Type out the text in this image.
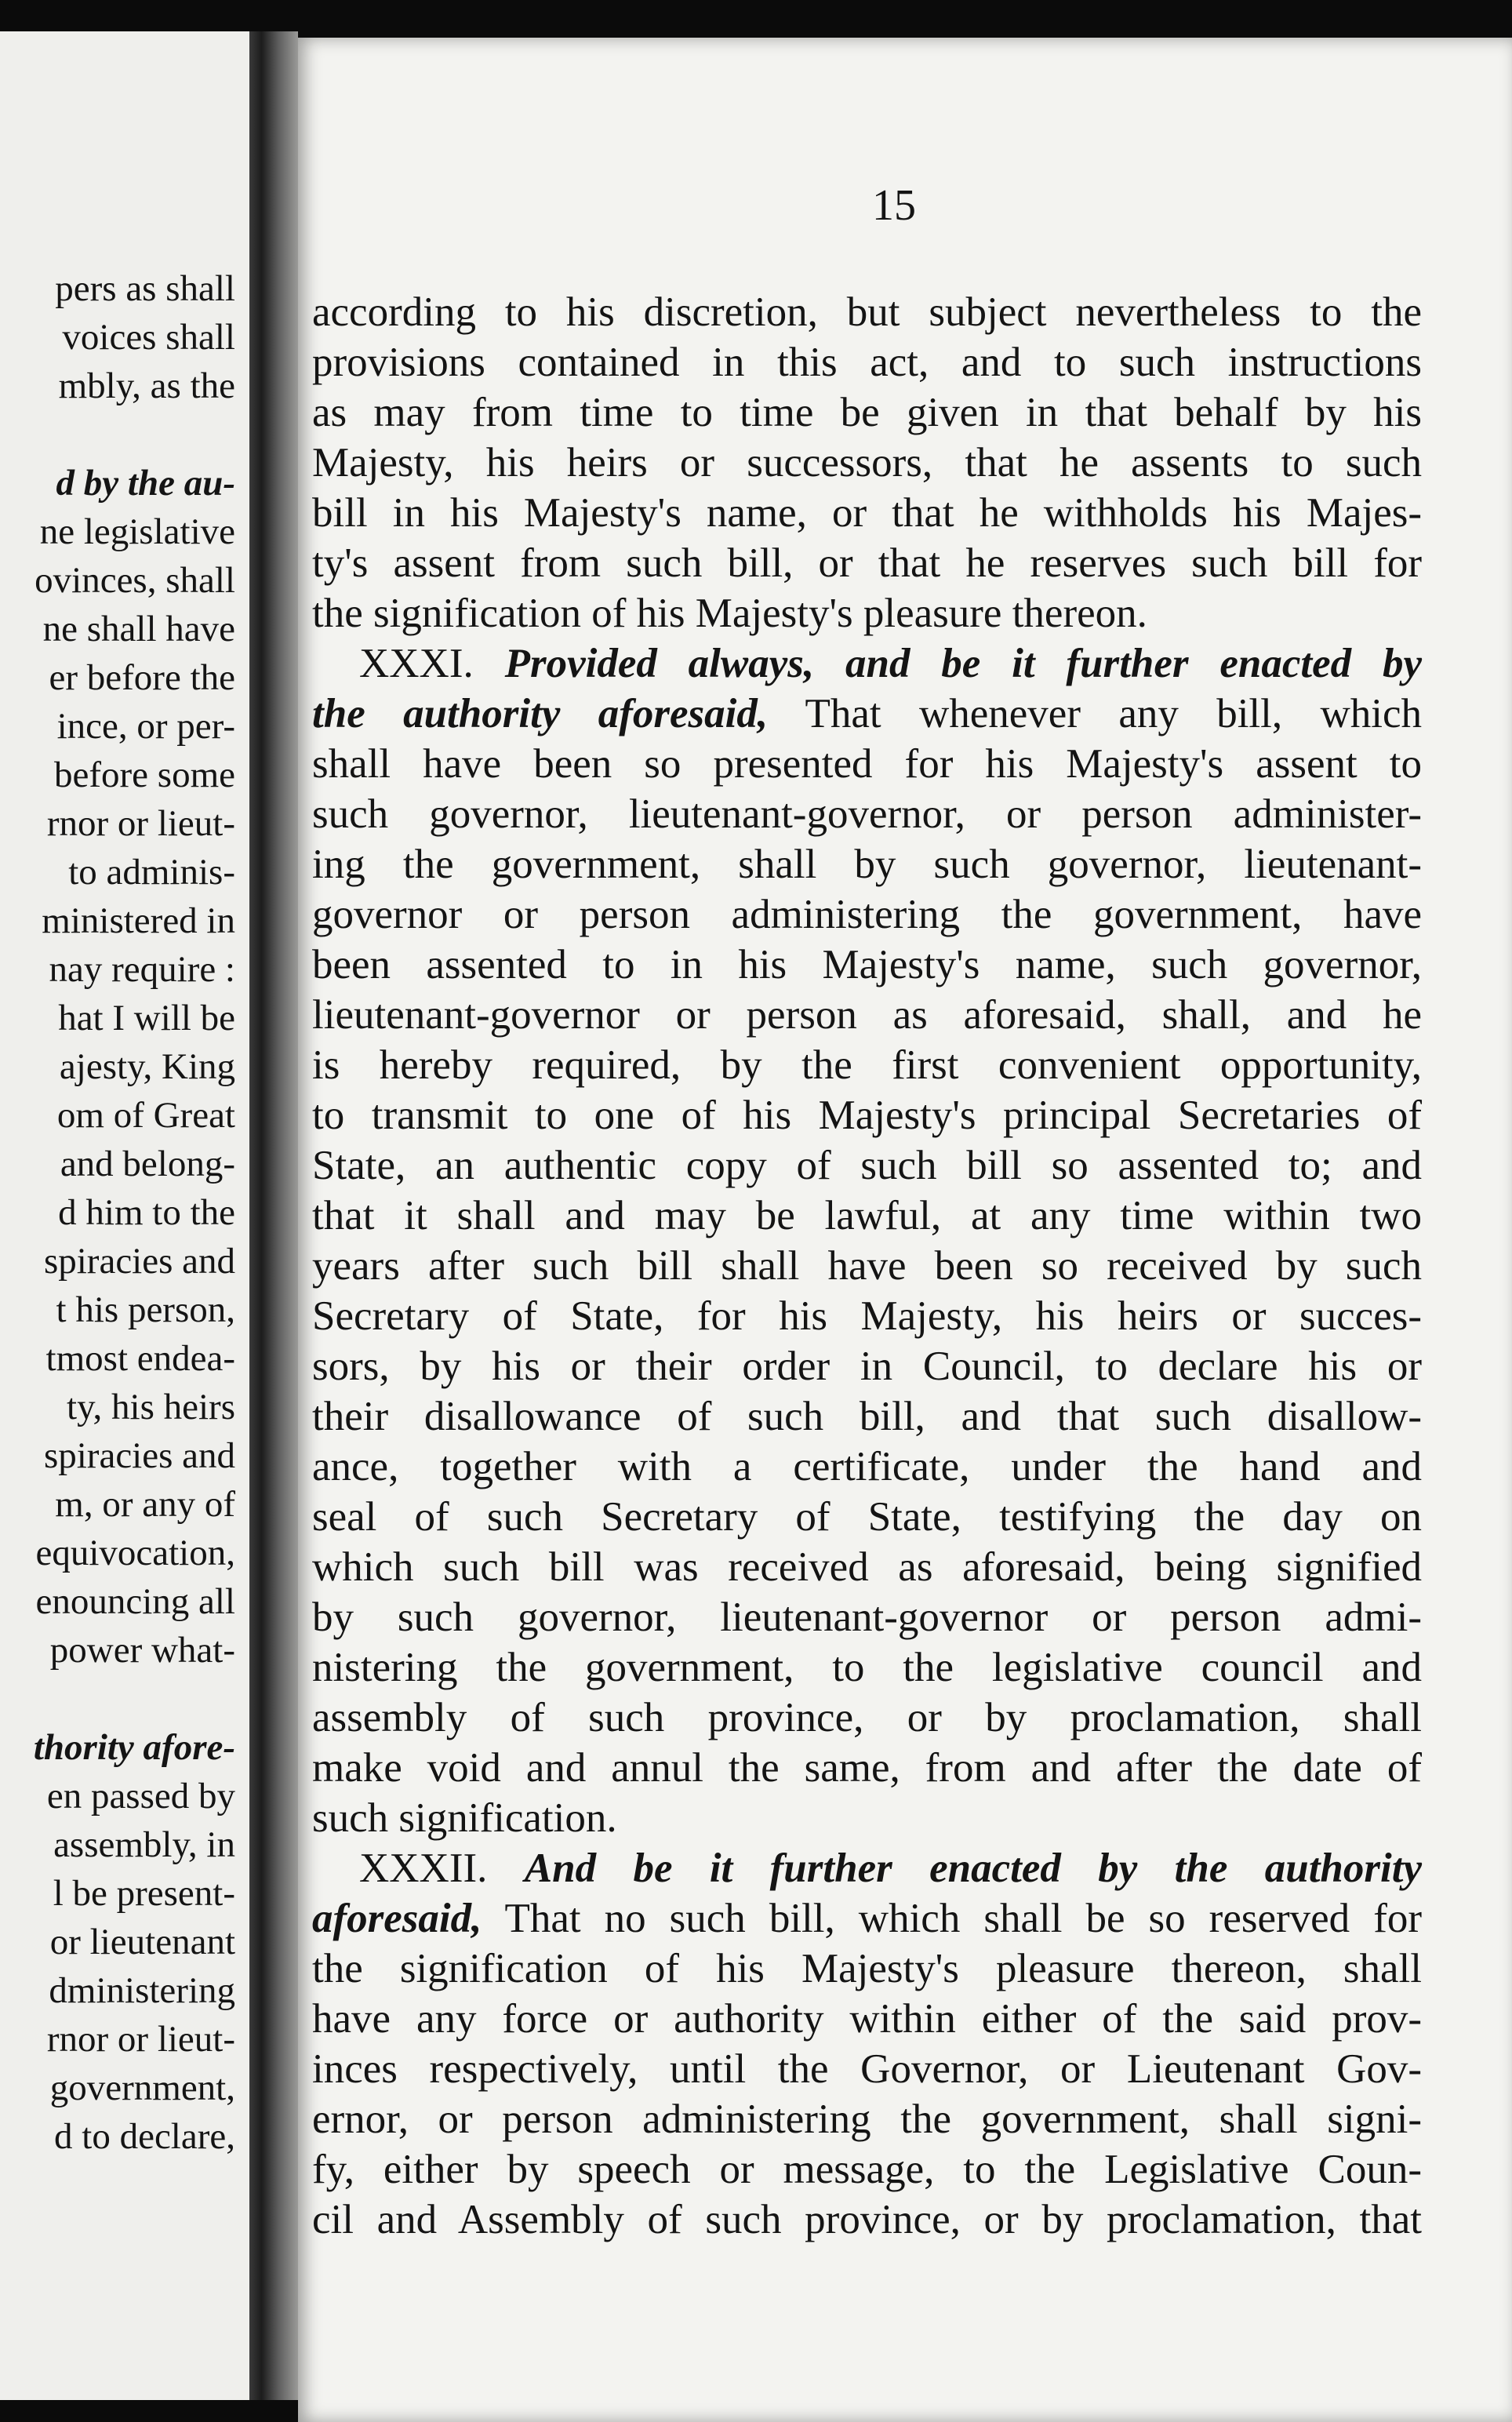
pers as shall
voices shall
mbly, as the
d by the au-
ne legislative
ovinces, shall
ne shall have
er before the
ince, or per-
before some
rnor or lieut-
to adminis-
ministered in
nay require :
hat I will be
ajesty, King
om of Great
and belong-
d him to the
spiracies and
t his person,
tmost endea-
ty, his heirs
spiracies and
m, or any of
equivocation,
enouncing all
power what-
thority afore-
en passed by
assembly, in
l be present-
or lieutenant
dministering
rnor or lieut-
government,
d to declare,
15
according to his discretion, but subject nevertheless to the
provisions contained in this act, and to such instructions
as may from time to time be given in that behalf by his
Majesty, his heirs or successors, that he assents to such
bill in his Majesty's name, or that he withholds his Majes-
ty's assent from such bill, or that he reserves such bill for
the signification of his Majesty's pleasure thereon.
XXXI. Provided always, and be it further enacted by
the authority aforesaid, That whenever any bill, which
shall have been so presented for his Majesty's assent to
such governor, lieutenant-governor, or person administer-
ing the government, shall by such governor, lieutenant-
governor or person administering the government, have
been assented to in his Majesty's name, such governor,
lieutenant-governor or person as aforesaid, shall, and he
is hereby required, by the first convenient opportunity,
to transmit to one of his Majesty's principal Secretaries of
State, an authentic copy of such bill so assented to; and
that it shall and may be lawful, at any time within two
years after such bill shall have been so received by such
Secretary of State, for his Majesty, his heirs or succes-
sors, by his or their order in Council, to declare his or
their disallowance of such bill, and that such disallow-
ance, together with a certificate, under the hand and
seal of such Secretary of State, testifying the day on
which such bill was received as aforesaid, being signified
by such governor, lieutenant-governor or person admi-
nistering the government, to the legislative council and
assembly of such province, or by proclamation, shall
make void and annul the same, from and after the date of
such signification.
XXXII. And be it further enacted by the authority
aforesaid, That no such bill, which shall be so reserved for
the signification of his Majesty's pleasure thereon, shall
have any force or authority within either of the said prov-
inces respectively, until the Governor, or Lieutenant Gov-
ernor, or person administering the government, shall signi-
fy, either by speech or message, to the Legislative Coun-
cil and Assembly of such province, or by proclamation, that
